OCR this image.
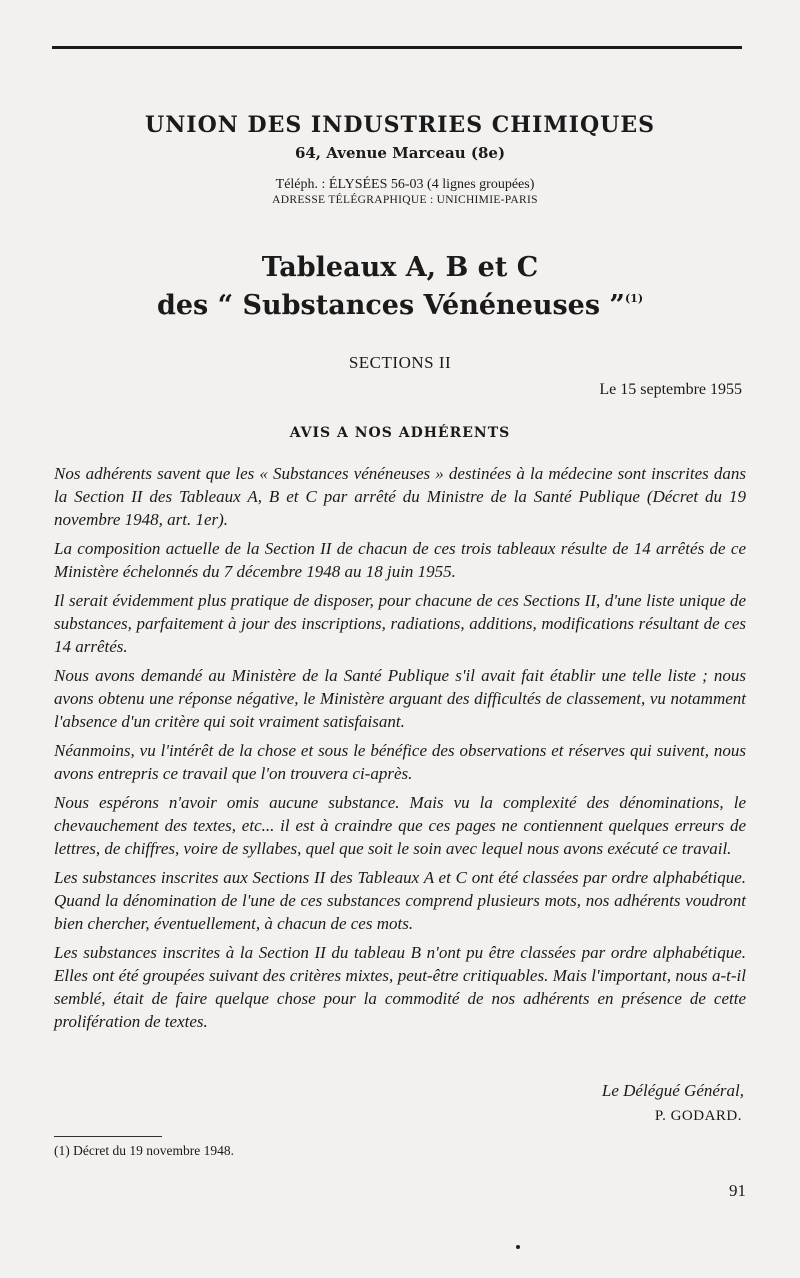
UNION DES INDUSTRIES CHIMIQUES
64, Avenue Marceau (8e)
Téléph. : ÉLYSÉES 56-03 (4 lignes groupées)
ADRESSE TÉLÉGRAPHIQUE : UNICHIMIE-PARIS
Tableaux A, B et C
des “ Substances Vénéneuses ”$^{(1)}$
SECTIONS II
Le 15 septembre 1955
AVIS A NOS ADHÉRENTS

Nos adhérents savent que les « Substances vénéneuses » destinées à la médecine sont inscrites dans la Section II des Tableaux A, B et C par arrêté du Ministre de la Santé Publique (Décret du 19 novembre 1948, art. 1er).

La composition actuelle de la Section II de chacun de ces trois tableaux résulte de 14 arrêtés de ce Ministère échelonnés du 7 décembre 1948 au 18 juin 1955.

Il serait évidemment plus pratique de disposer, pour chacune de ces Sections II, d'une liste unique de substances, parfaitement à jour des inscriptions, radiations, additions, modifications résultant de ces 14 arrêtés.

Nous avons demandé au Ministère de la Santé Publique s'il avait fait établir une telle liste ; nous avons obtenu une réponse négative, le Ministère arguant des difficultés de classement, vu notamment l'absence d'un critère qui soit vraiment satisfaisant.

Néanmoins, vu l'intérêt de la chose et sous le bénéfice des observations et réserves qui suivent, nous avons entrepris ce travail que l'on trouvera ci-après.

Nous espérons n'avoir omis aucune substance. Mais vu la complexité des dénominations, le chevauchement des textes, etc... il est à craindre que ces pages ne contiennent quelques erreurs de lettres, de chiffres, voire de syllabes, quel que soit le soin avec lequel nous avons exécuté ce travail.

Les substances inscrites aux Sections II des Tableaux A et C ont été classées par ordre alphabétique. Quand la dénomination de l'une de ces substances comprend plusieurs mots, nos adhérents voudront bien chercher, éventuellement, à chacun de ces mots.

Les substances inscrites à la Section II du tableau B n'ont pu être classées par ordre alphabétique. Elles ont été groupées suivant des critères mixtes, peut-être critiquables. Mais l'important, nous a-t-il semblé, était de faire quelque chose pour la commodité de nos adhérents en présence de cette prolifération de textes.

Le Délégué Général,
P. GODARD.
(1) Décret du 19 novembre 1948.
91
